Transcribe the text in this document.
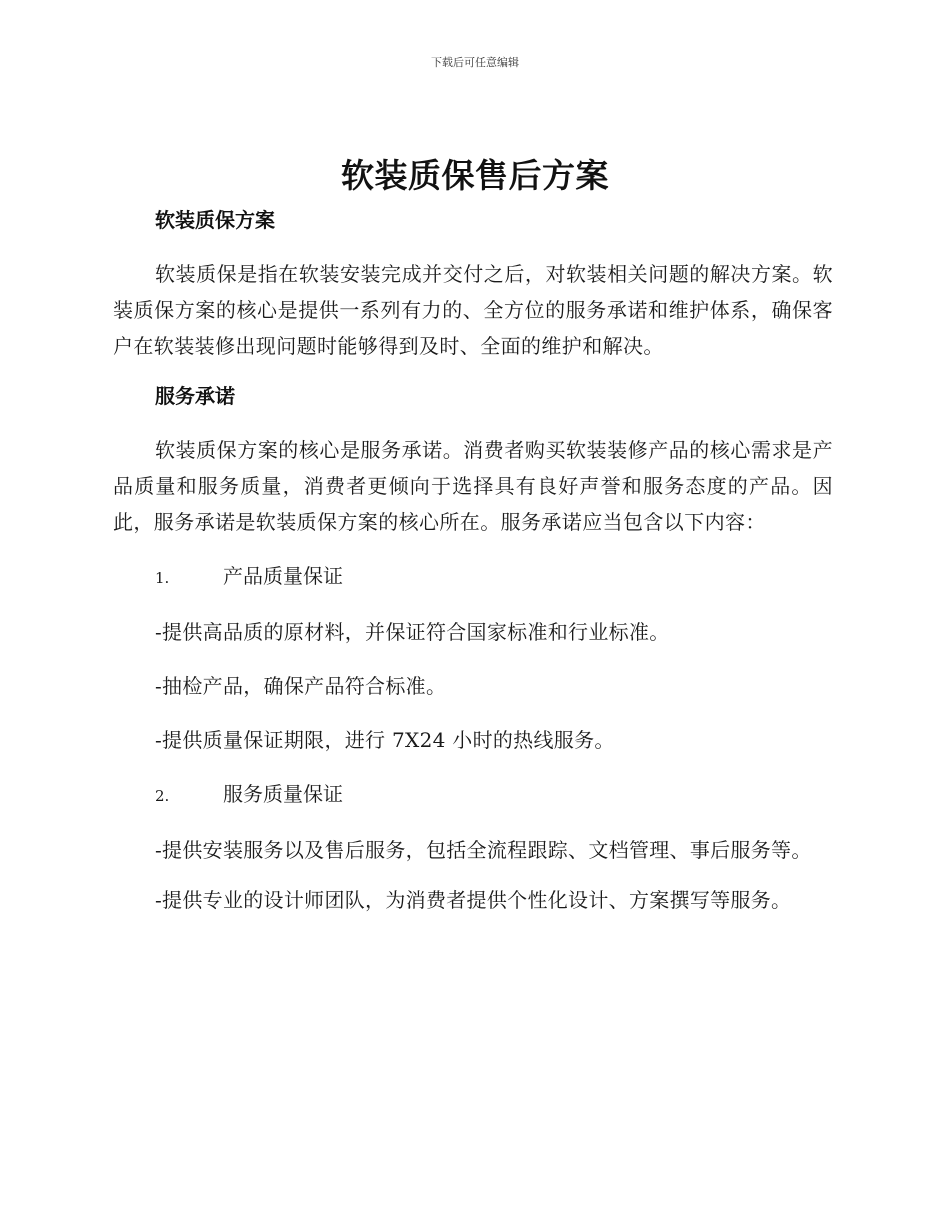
下载后可任意编辑
软装质保售后方案
软装质保方案

软装质保是指在软装安装完成并交付之后，对软装相关问题的解决方案。软装质保方案的核心是提供一系列有力的、全方位的服务承诺和维护体系，确保客户在软装装修出现问题时能够得到及时、全面的维护和解决。

服务承诺

软装质保方案的核心是服务承诺。消费者购买软装装修产品的核心需求是产品质量和服务质量，消费者更倾向于选择具有良好声誉和服务态度的产品。因此，服务承诺是软装质保方案的核心所在。服务承诺应当包含以下内容：

1.	产品质量保证

-提供高品质的原材料，并保证符合国家标准和行业标准。

-抽检产品，确保产品符合标准。

-提供质量保证期限，进行 7X24 小时的热线服务。

2.	服务质量保证

-提供安装服务以及售后服务，包括全流程跟踪、文档管理、事后服务等。

-提供专业的设计师团队，为消费者提供个性化设计、方案撰写等服务。
